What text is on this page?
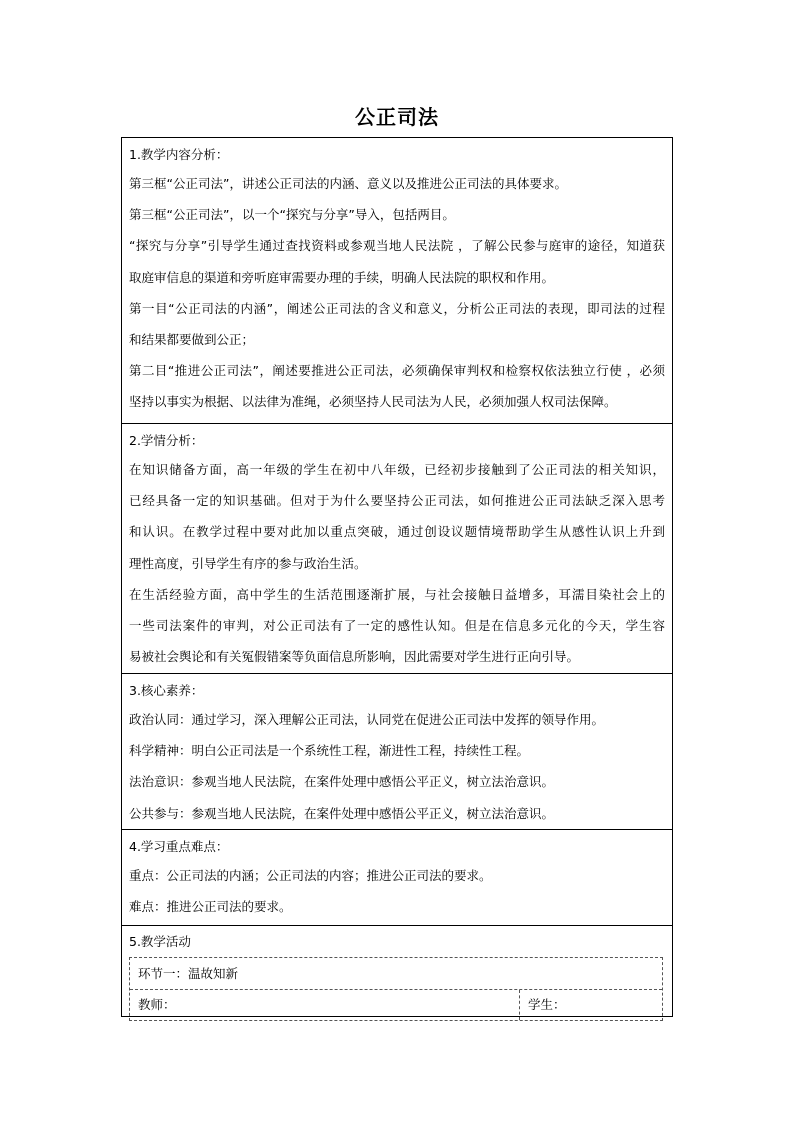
公正司法
1.教学内容分析：
第三框“公正司法”，讲述公正司法的内涵、意义以及推进公正司法的具体要求。
第三框“公正司法”，以一个“探究与分享”导入，包括两目。
“探究与分享”引导学生通过查找资料或参观当地人民法院 ，了解公民参与庭审的途径，知道获
取庭审信息的渠道和旁听庭审需要办理的手续，明确人民法院的职权和作用。
第一目“公正司法的内涵”，阐述公正司法的含义和意义，分析公正司法的表现，即司法的过程
和结果都要做到公正；
第二目“推进公正司法”，阐述要推进公正司法，必须确保审判权和检察权依法独立行使 ，必须
坚持以事实为根据、以法律为准绳，必须坚持人民司法为人民，必须加强人权司法保障。
2.学情分析：
在知识储备方面，高一年级的学生在初中八年级，已经初步接触到了公正司法的相关知识，
已经具备一定的知识基础。但对于为什么要坚持公正司法，如何推进公正司法缺乏深入思考
和认识。在教学过程中要对此加以重点突破，通过创设议题情境帮助学生从感性认识上升到
理性高度，引导学生有序的参与政治生活。
在生活经验方面，高中学生的生活范围逐渐扩展，与社会接触日益增多，耳濡目染社会上的
一些司法案件的审判，对公正司法有了一定的感性认知。但是在信息多元化的今天，学生容
易被社会舆论和有关冤假错案等负面信息所影响，因此需要对学生进行正向引导。
3.核心素养：
政治认同：通过学习，深入理解公正司法，认同党在促进公正司法中发挥的领导作用。
科学精神：明白公正司法是一个系统性工程，渐进性工程，持续性工程。
法治意识：参观当地人民法院，在案件处理中感悟公平正义，树立法治意识。
公共参与：参观当地人民法院，在案件处理中感悟公平正义，树立法治意识。
4.学习重点难点：
重点：公正司法的内涵；公正司法的内容；推进公正司法的要求。
难点：推进公正司法的要求。
5.教学活动
环节一：温故知新
教师：	学生：
